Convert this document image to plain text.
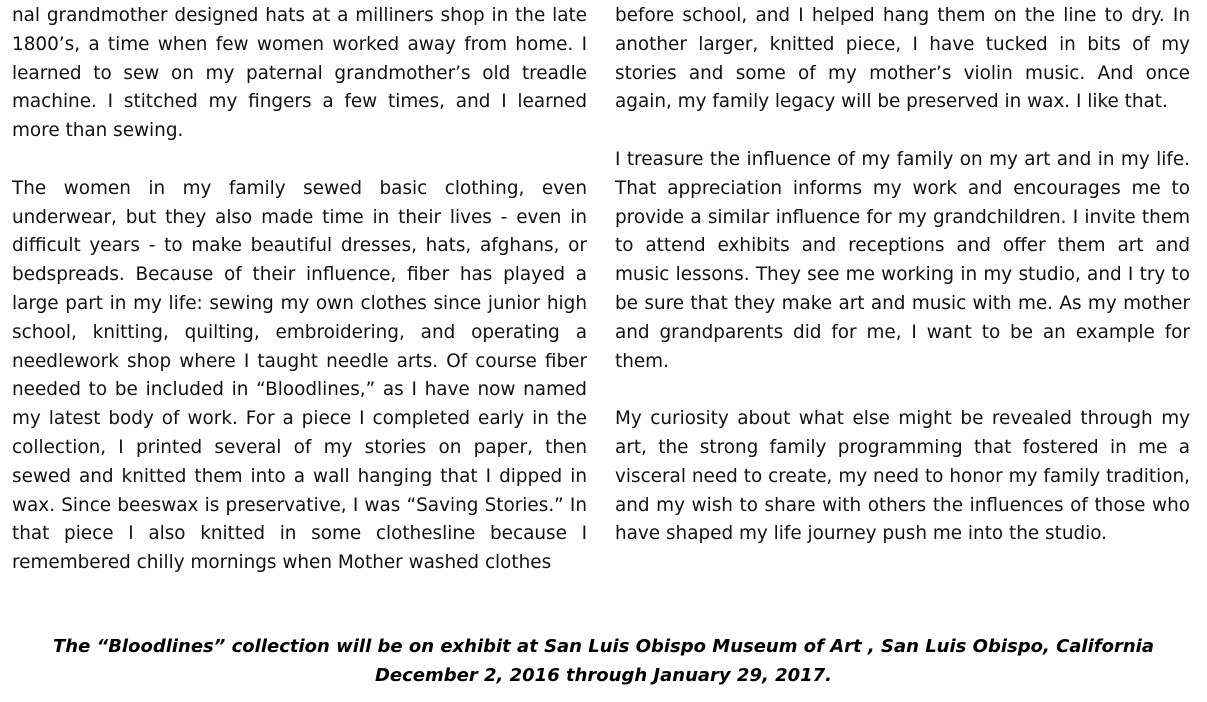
nal grandmother designed hats at a milliners shop in the late 1800’s, a time when few women worked away from home. I learned to sew on my paternal grandmother’s old treadle machine. I stitched my fingers a few times, and I learned more than sewing.

The women in my family sewed basic clothing, even underwear, but they also made time in their lives - even in difficult years - to make beautiful dresses, hats, afghans, or bedspreads. Because of their influence, fiber has played a large part in my life: sewing my own clothes since junior high school, knitting, quilting, embroidering, and operating a needlework shop where I taught needle arts. Of course fiber needed to be included in “Bloodlines,” as I have now named my latest body of work. For a piece I completed early in the collection, I printed several of my stories on paper, then sewed and knitted them into a wall hanging that I dipped in wax. Since beeswax is preservative, I was “Saving Stories.” In that piece I also knitted in some clothesline because I remembered chilly mornings when Mother washed clothes

before school, and I helped hang them on the line to dry. In another larger, knitted piece, I have tucked in bits of my stories and some of my mother’s violin music. And once again, my family legacy will be preserved in wax. I like that.

I treasure the influence of my family on my art and in my life. That appreciation informs my work and encourages me to provide a similar influence for my grandchildren. I invite them to attend exhibits and receptions and offer them art and music lessons. They see me working in my studio, and I try to be sure that they make art and music with me. As my mother and grandparents did for me, I want to be an example for them.

My curiosity about what else might be revealed through my art, the strong family programming that fostered in me a visceral need to create, my need to honor my family tradition, and my wish to share with others the influences of those who have shaped my life journey push me into the studio.

The “Bloodlines” collection will be on exhibit at San Luis Obispo Museum of Art , San Luis Obispo, California
December 2, 2016 through January 29, 2017.
